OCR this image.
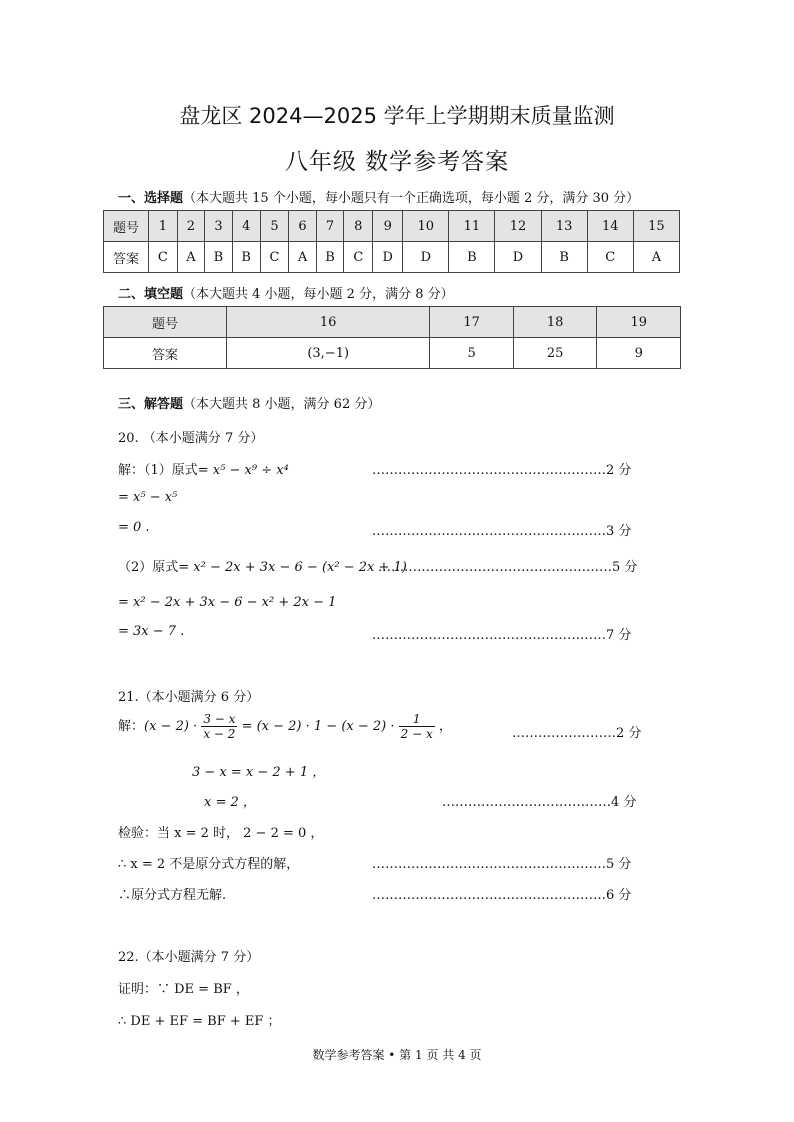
盘龙区 2024—2025 学年上学期期末质量监测
八年级 数学参考答案
一、选择题（本大题共 15 个小题，每小题只有一个正确选项，每小题 2 分，满分 30 分）
题号	1	2	3	4	5	6	7	8	9	10	11	12	13	14	15
答案	C	A	B	B	C	A	B	C	D	D	B	D	B	C	A
二、填空题（本大题共 4 小题，每小题 2 分，满分 8 分）
题号	16	17	18	19
答案	(3,−1)	5	25	9
三、解答题（本大题共 8 小题，满分 62 分）
20. （本小题满分 7 分）
解：（1）原式= x⁵ − x⁹ ÷ x⁴	………………………………………………2 分
= x⁵ − x⁵
= 0 .	………………………………………………3 分
（2）原式= x² − 2x + 3x − 6 − (x² − 2x + 1)
………………………………………………5 分
= x² − 2x + 3x − 6 − x² + 2x − 1
= 3x − 7 .	………………………………………………7 分
21.（本小题满分 6 分）
解：$(x - 2) \cdot \frac{3 - x}{x - 2} = (x - 2) \cdot 1 - (x - 2) \cdot \frac{1}{2 - x}$ ，	……………………2 分
3 − x = x − 2 + 1 ，
x = 2 ，	…………………………………4 分
检验：当 x = 2 时， 2 − 2 = 0 ，
∴ x = 2 不是原分式方程的解，	………………………………………………5 分
∴原分式方程无解.	………………………………………………6 分
22.（本小题满分 7 分）
证明：∵ DE = BF ，
∴ DE + EF = BF + EF ；
数学参考答案 • 第 1 页 共 4 页
